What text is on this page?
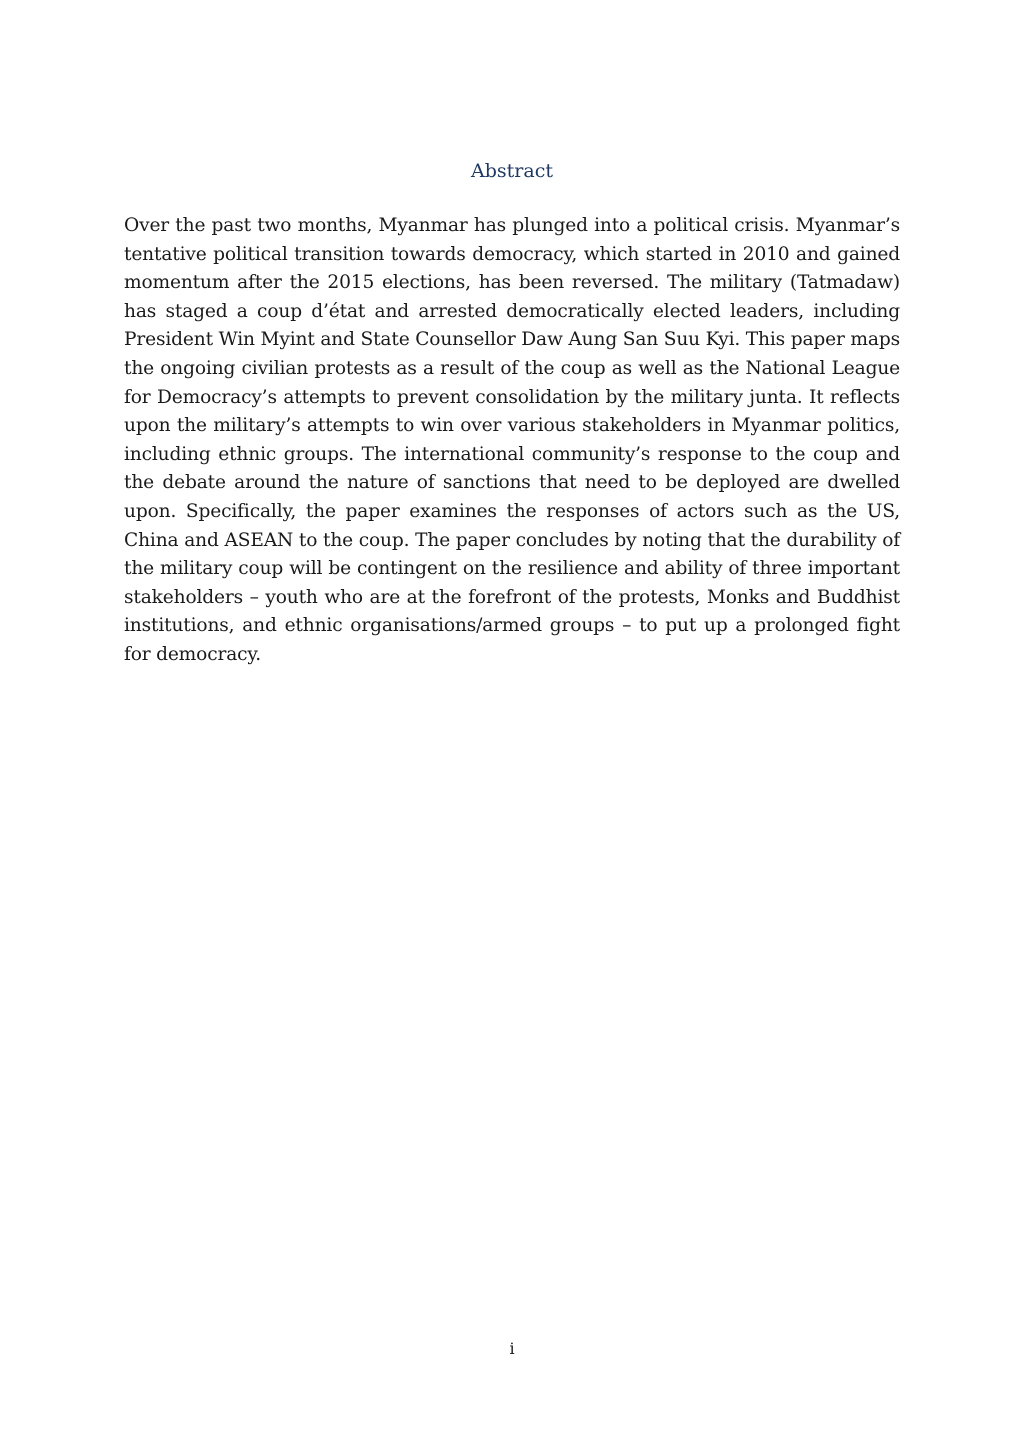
Abstract

Over the past two months, Myanmar has plunged into a political crisis. Myanmar’s tentative political transition towards democracy, which started in 2010 and gained momentum after the 2015 elections, has been reversed. The military (Tatmadaw) has staged a coup d’état and arrested democratically elected leaders, including President Win Myint and State Counsellor Daw Aung San Suu Kyi. This paper maps the ongoing civilian protests as a result of the coup as well as the National League for Democracy’s attempts to prevent consolidation by the military junta. It reflects upon the military’s attempts to win over various stakeholders in Myanmar politics, including ethnic groups. The international community’s response to the coup and the debate around the nature of sanctions that need to be deployed are dwelled upon. Specifically, the paper examines the responses of actors such as the US, China and ASEAN to the coup. The paper concludes by noting that the durability of the military coup will be contingent on the resilience and ability of three important stakeholders – youth who are at the forefront of the protests, Monks and Buddhist institutions, and ethnic organisations/armed groups – to put up a prolonged fight for democracy.

i
